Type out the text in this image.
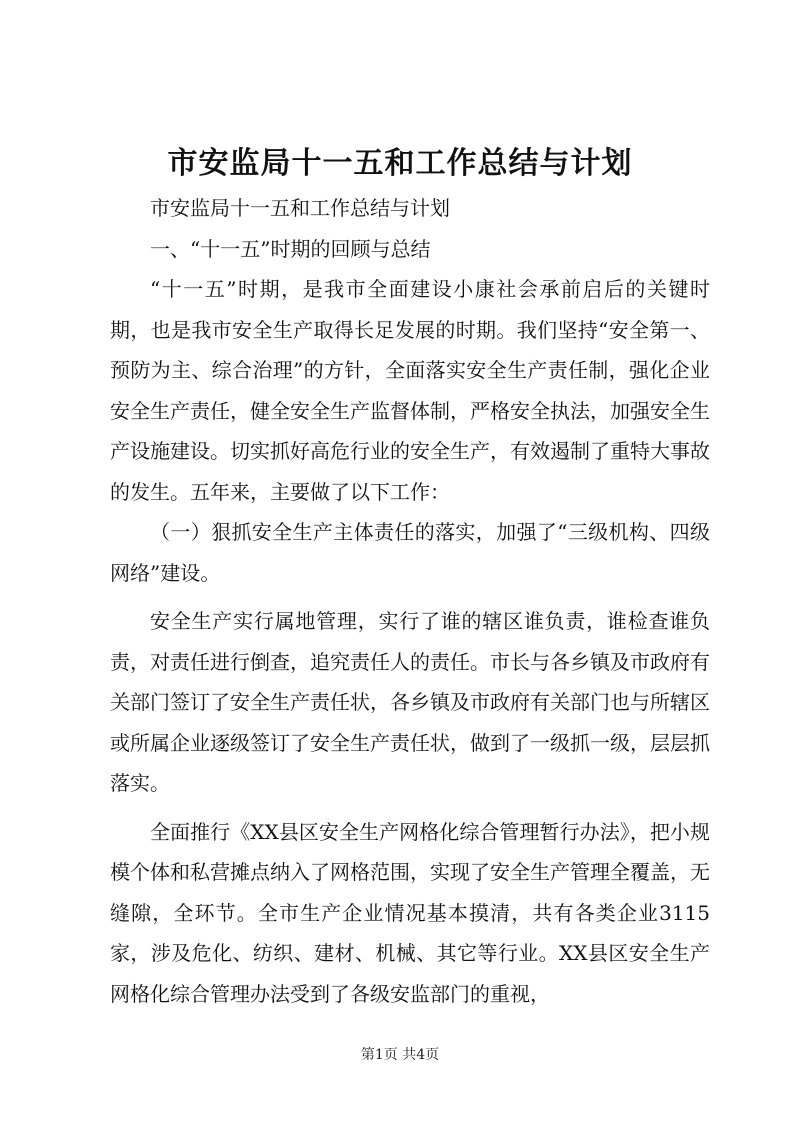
市安监局十一五和工作总结与计划

市安监局十一五和工作总结与计划

一、“十一五”时期的回顾与总结

“十一五”时期，是我市全面建设小康社会承前启后的关键时期，也是我市安全生产取得长足发展的时期。我们坚持“安全第一、预防为主、综合治理”的方针，全面落实安全生产责任制，强化企业安全生产责任，健全安全生产监督体制，严格安全执法，加强安全生产设施建设。切实抓好高危行业的安全生产，有效遏制了重特大事故的发生。五年来，主要做了以下工作：

（一）狠抓安全生产主体责任的落实，加强了“三级机构、四级网络”建设。

安全生产实行属地管理，实行了谁的辖区谁负责，谁检查谁负责，对责任进行倒查，追究责任人的责任。市长与各乡镇及市政府有关部门签订了安全生产责任状，各乡镇及市政府有关部门也与所辖区或所属企业逐级签订了安全生产责任状，做到了一级抓一级，层层抓落实。

全面推行《XX县区安全生产网格化综合管理暂行办法》，把小规模个体和私营摊点纳入了网格范围，实现了安全生产管理全覆盖，无缝隙，全环节。全市生产企业情况基本摸清，共有各类企业3115家，涉及危化、纺织、建材、机械、其它等行业。XX县区安全生产网格化综合管理办法受到了各级安监部门的重视，

第1页 共4页
